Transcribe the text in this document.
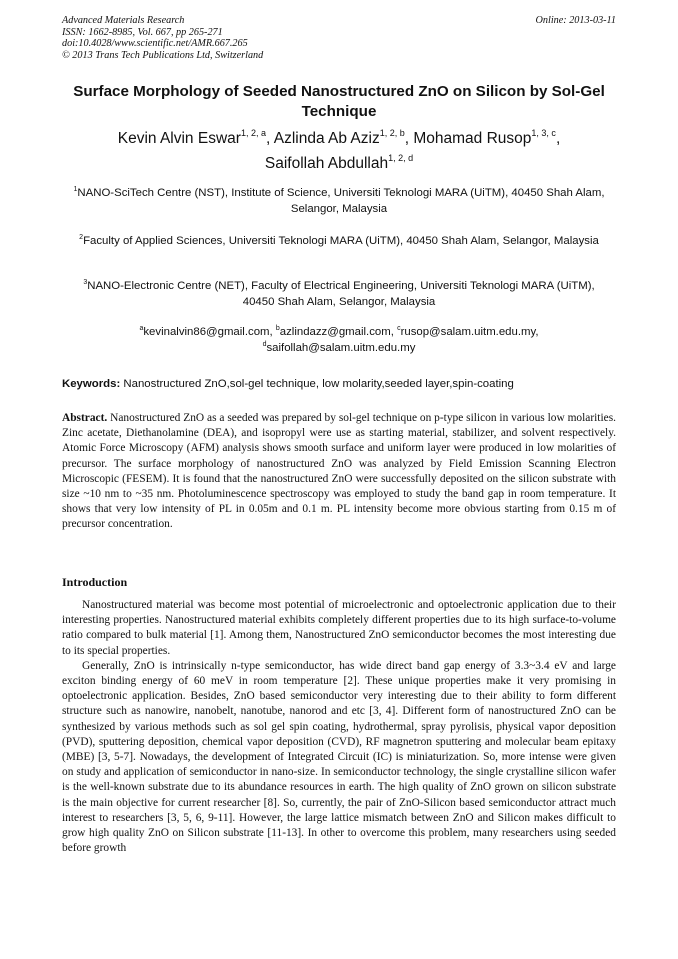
Advanced Materials Research
ISSN: 1662-8985, Vol. 667, pp 265-271
doi:10.4028/www.scientific.net/AMR.667.265
© 2013 Trans Tech Publications Ltd, Switzerland
Online: 2013-03-11
Surface Morphology of Seeded Nanostructured ZnO on Silicon by Sol-Gel Technique
Kevin Alvin Eswar$^{1, 2, a}$, Azlinda Ab Aziz$^{1, 2, b}$, Mohamad Rusop$^{1, 3, c}$,
Saifollah Abdullah$^{1, 2, d}$
$^1$NANO-SciTech Centre (NST), Institute of Science, Universiti Teknologi MARA (UiTM), 40450 Shah Alam, Selangor, Malaysia
$^2$Faculty of Applied Sciences, Universiti Teknologi MARA (UiTM), 40450 Shah Alam, Selangor, Malaysia
$^3$NANO-Electronic Centre (NET), Faculty of Electrical Engineering, Universiti Teknologi MARA (UiTM), 40450 Shah Alam, Selangor, Malaysia
$^a$kevinalvin86@gmail.com, $^b$azlindazz@gmail.com, $^c$rusop@salam.uitm.edu.my,
$^d$saifollah@salam.uitm.edu.my
Keywords: Nanostructured ZnO,sol-gel technique, low molarity,seeded layer,spin-coating
Abstract. Nanostructured ZnO as a seeded was prepared by sol-gel technique on p-type silicon in various low molarities. Zinc acetate, Diethanolamine (DEA), and isopropyl were use as starting material, stabilizer, and solvent respectively. Atomic Force Microscopy (AFM) analysis shows smooth surface and uniform layer were produced in low molarities of precursor. The surface morphology of nanostructured ZnO was analyzed by Field Emission Scanning Electron Microscopic (FESEM). It is found that the nanostructured ZnO were successfully deposited on the silicon substrate with size ~10 nm to ~35 nm. Photoluminescence spectroscopy was employed to study the band gap in room temperature. It shows that very low intensity of PL in 0.05m and 0.1 m. PL intensity become more obvious starting from 0.15 m of precursor concentration.
Introduction

Nanostructured material was become most potential of microelectronic and optoelectronic application due to their interesting properties. Nanostructured material exhibits completely different properties due to its high surface-to-volume ratio compared to bulk material [1]. Among them, Nanostructured ZnO semiconductor becomes the most interesting due to its special properties.

Generally, ZnO is intrinsically n-type semiconductor, has wide direct band gap energy of 3.3~3.4 eV and large exciton binding energy of 60 meV in room temperature [2]. These unique properties make it very promising in optoelectronic application. Besides, ZnO based semiconductor very interesting due to their ability to form different structure such as nanowire, nanobelt, nanotube, nanorod and etc [3, 4]. Different form of nanostructured ZnO can be synthesized by various methods such as sol gel spin coating, hydrothermal, spray pyrolisis, physical vapor deposition (PVD), sputtering deposition, chemical vapor deposition (CVD), RF magnetron sputtering and molecular beam epitaxy (MBE) [3, 5-7]. Nowadays, the development of Integrated Circuit (IC) is miniaturization. So, more intense were given on study and application of semiconductor in nano-size. In semiconductor technology, the single crystalline silicon wafer is the well-known substrate due to its abundance resources in earth. The high quality of ZnO grown on silicon substrate is the main objective for current researcher [8]. So, currently, the pair of ZnO-Silicon based semiconductor attract much interest to researchers [3, 5, 6, 9-11]. However, the large lattice mismatch between ZnO and Silicon makes difficult to grow high quality ZnO on Silicon substrate [11-13]. In other to overcome this problem, many researchers using seeded before growth
